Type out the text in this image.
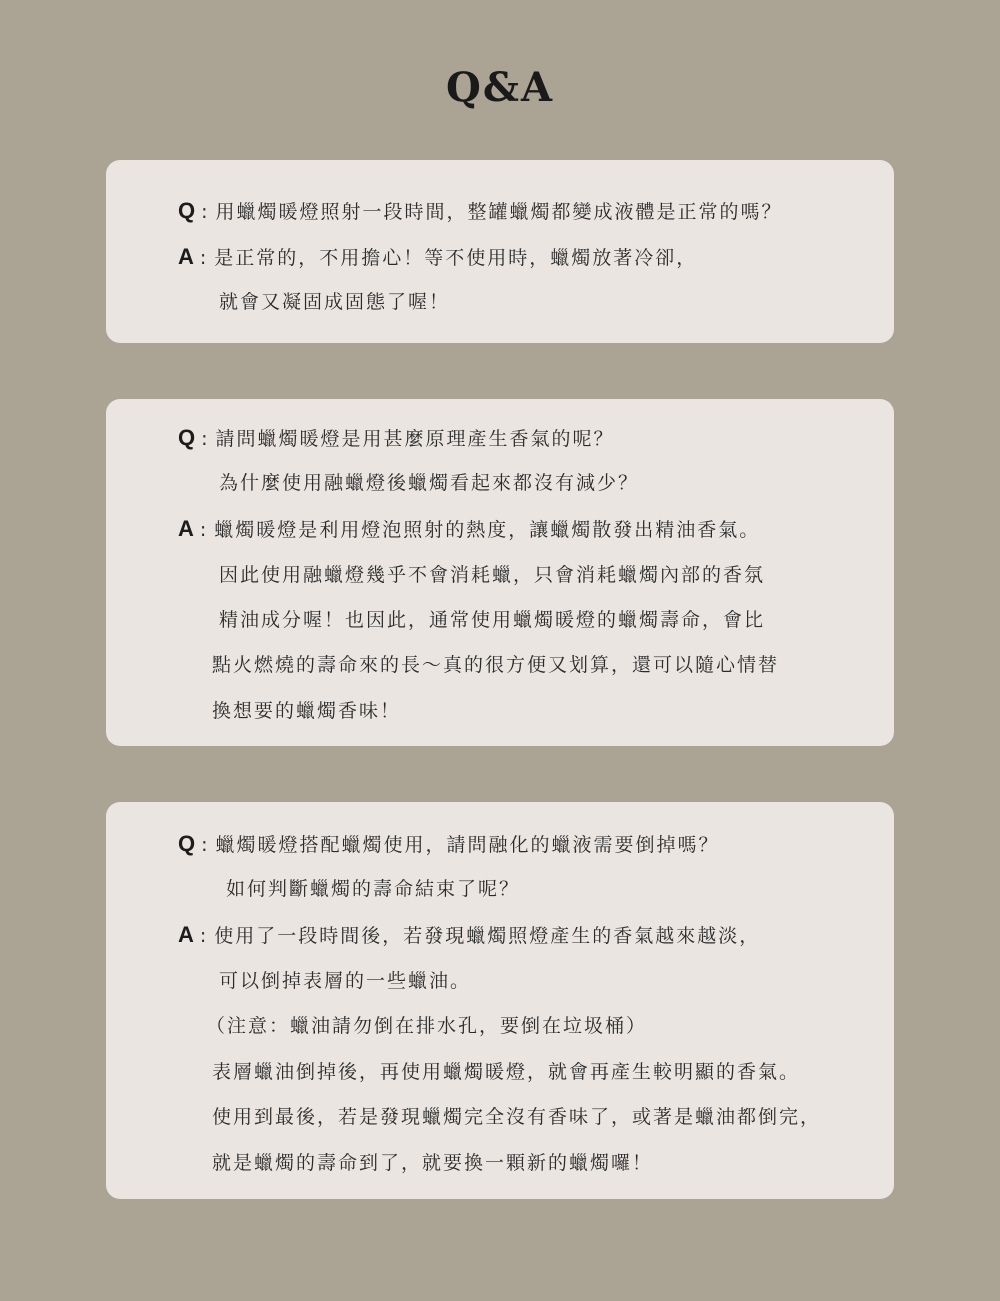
Q&A
Q : 用蠟燭暖燈照射一段時間，整罐蠟燭都變成液體是正常的嗎？
A : 是正常的，不用擔心！等不使用時，蠟燭放著冷卻，
就會又凝固成固態了喔！
Q : 請問蠟燭暖燈是用甚麼原理產生香氣的呢？
為什麼使用融蠟燈後蠟燭看起來都沒有減少？
A : 蠟燭暖燈是利用燈泡照射的熱度，讓蠟燭散發出精油香氣。
因此使用融蠟燈幾乎不會消耗蠟，只會消耗蠟燭內部的香氛
精油成分喔！也因此，通常使用蠟燭暖燈的蠟燭壽命，會比
點火燃燒的壽命來的長～真的很方便又划算，還可以隨心情替
換想要的蠟燭香味！
Q : 蠟燭暖燈搭配蠟燭使用，請問融化的蠟液需要倒掉嗎？
如何判斷蠟燭的壽命結束了呢？
A : 使用了一段時間後，若發現蠟燭照燈產生的香氣越來越淡，
可以倒掉表層的一些蠟油。
（注意：蠟油請勿倒在排水孔，要倒在垃圾桶）
表層蠟油倒掉後，再使用蠟燭暖燈，就會再產生較明顯的香氣。
使用到最後，若是發現蠟燭完全沒有香味了，或著是蠟油都倒完，
就是蠟燭的壽命到了，就要換一顆新的蠟燭囉！
